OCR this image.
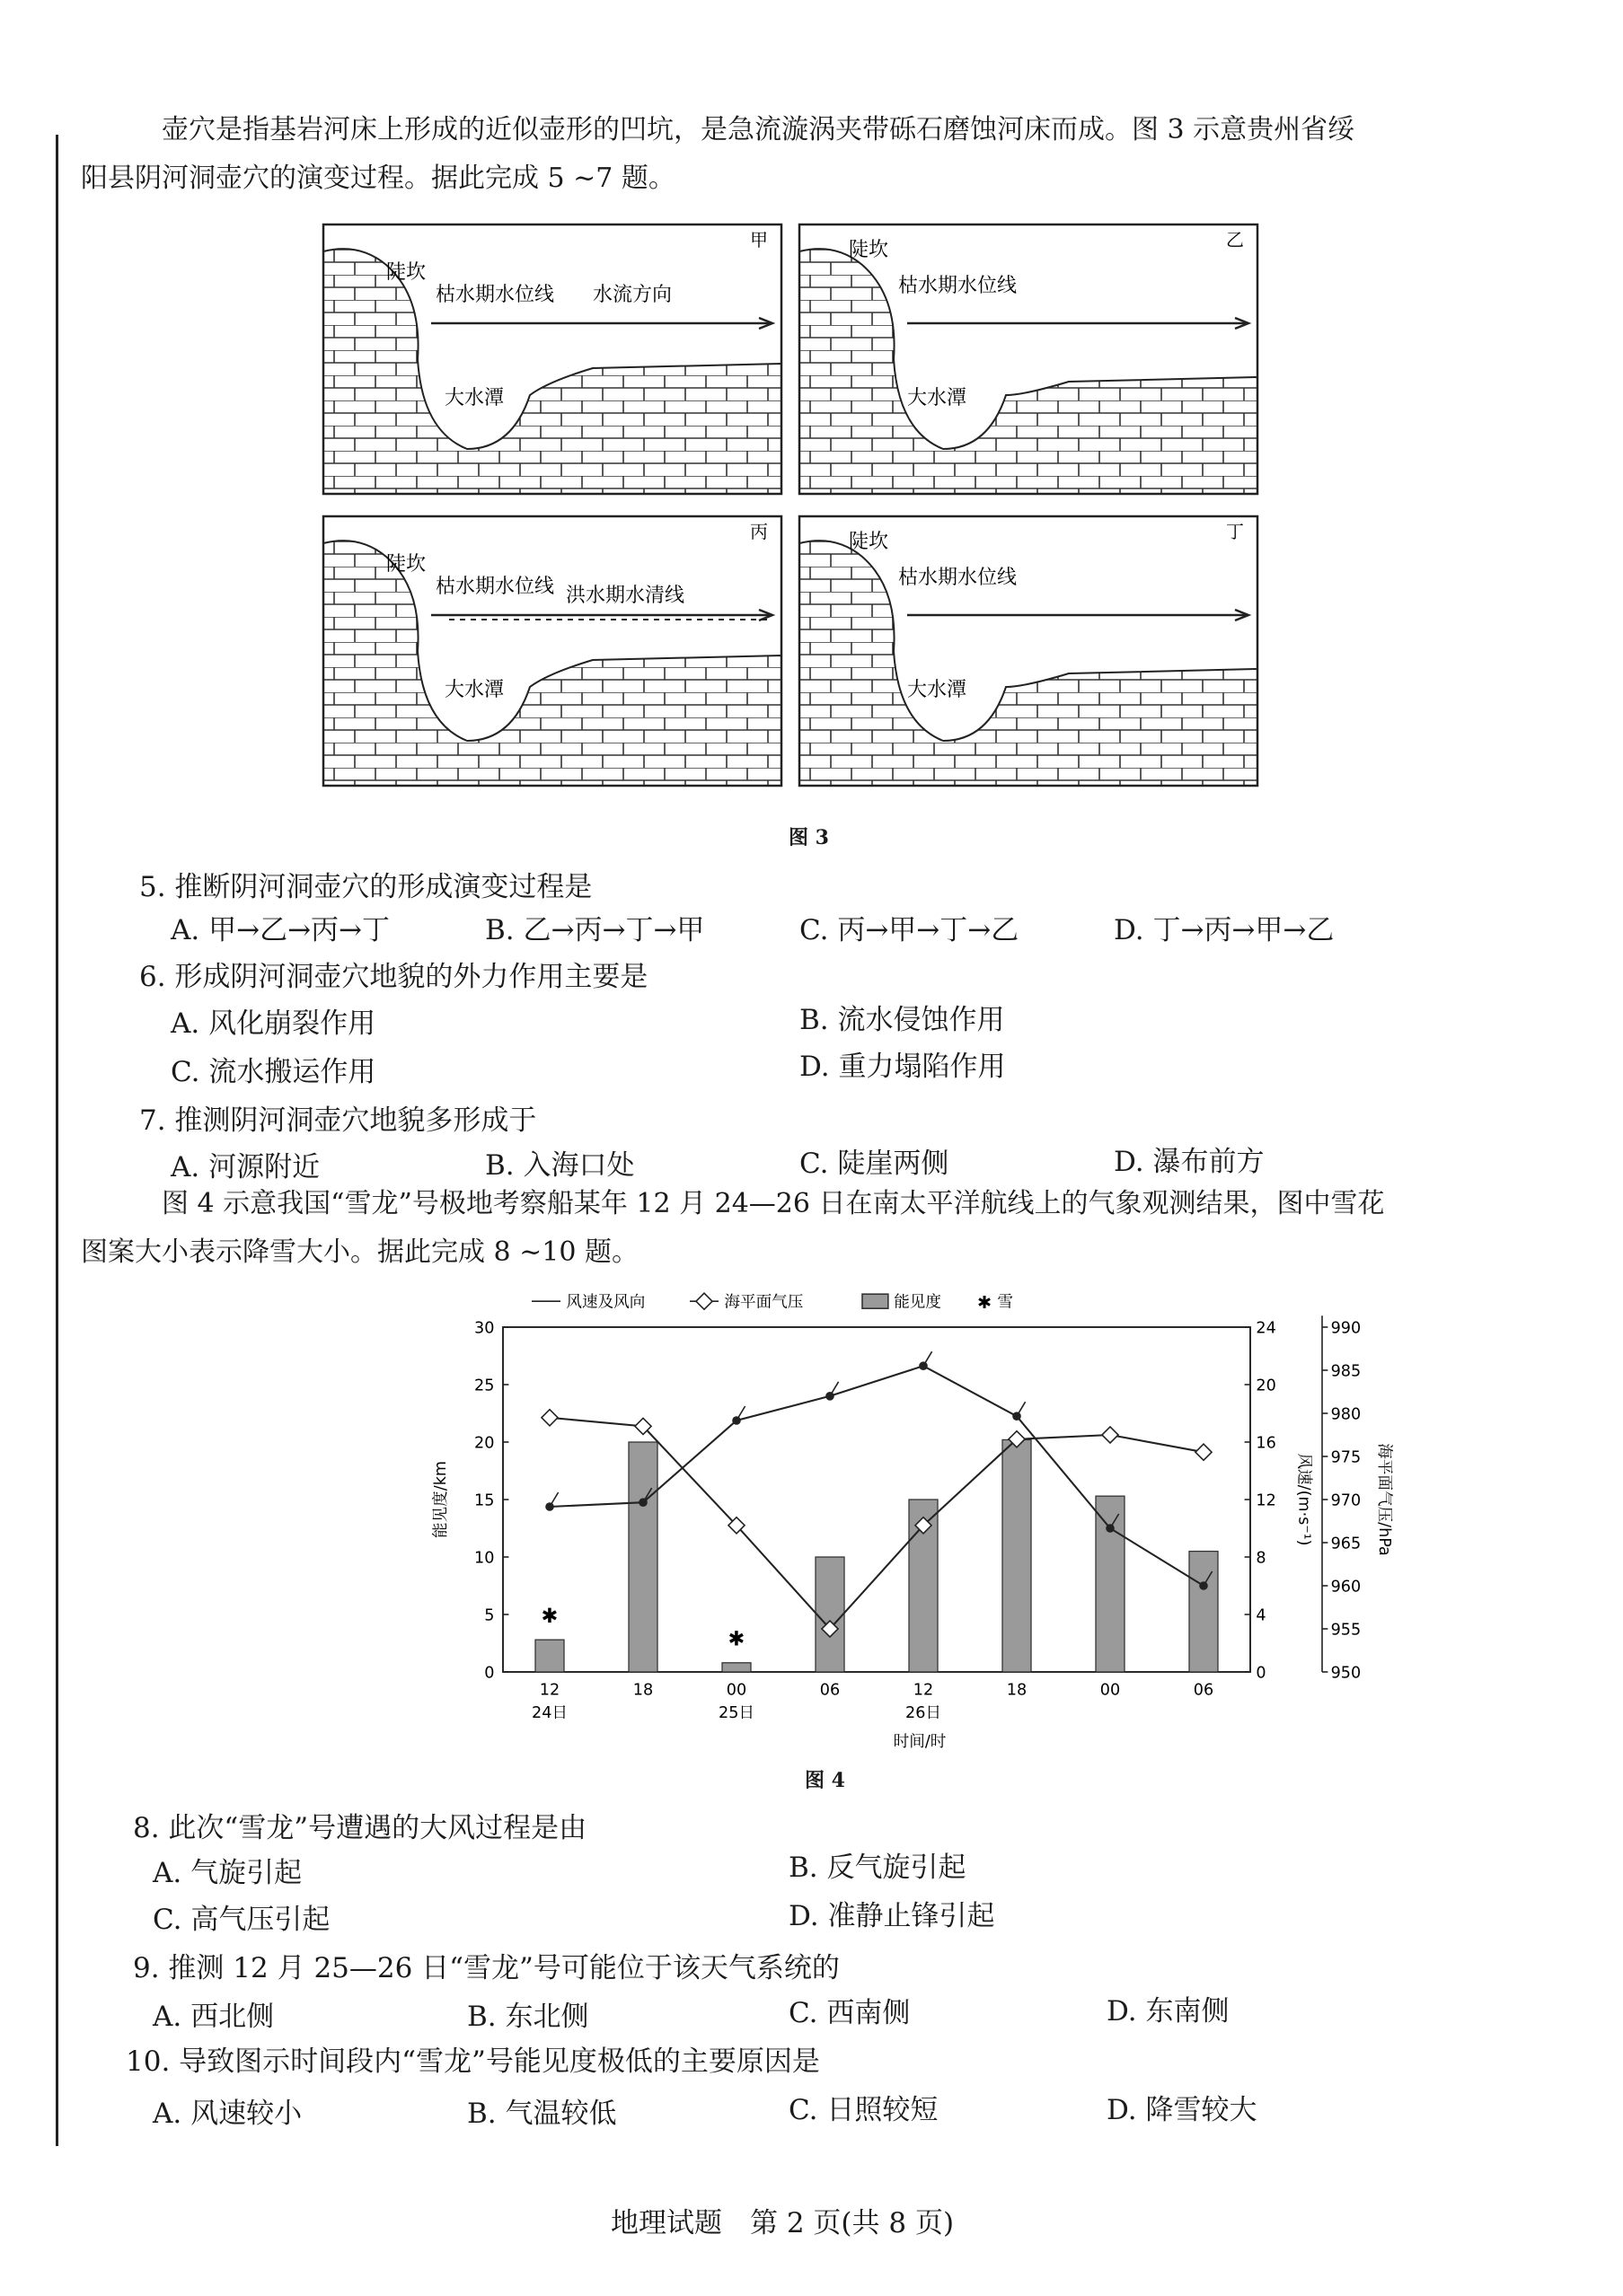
壶穴是指基岩河床上形成的近似壶形的凹坑，是急流漩涡夹带砾石磨蚀河床而成。图 3 示意贵州省绥
阳县阴河洞壶穴的演变过程。据此完成 5 ~7 题。
甲
陡坎
枯水期水位线
大水潭
水流方向
乙
陡坎
枯水期水位线
大水潭
丙
陡坎
枯水期水位线
大水潭
洪水期水清线
丁
陡坎
枯水期水位线
大水潭
图 3
5. 推断阴河洞壶穴的形成演变过程是
A. 甲→乙→丙→丁	B. 乙→丙→丁→甲	C. 丙→甲→丁→乙	D. 丁→丙→甲→乙
6. 形成阴河洞壶穴地貌的外力作用主要是
A. 风化崩裂作用	B. 流水侵蚀作用
C. 流水搬运作用	D. 重力塌陷作用
7. 推测阴河洞壶穴地貌多形成于
A. 河源附近	B. 入海口处	C. 陡崖两侧	D. 瀑布前方
图 4 示意我国“雪龙”号极地考察船某年 12 月 24—26 日在南太平洋航线上的气象观测结果，图中雪花
图案大小表示降雪大小。据此完成 8 ~10 题。
0
5
10
15
20
25
30
0
4
8
12
16
20
24
950
955
960
965
970
975
980
985
990
能见度/km	风速/(m·s⁻¹)	海平面气压/hPa
12	18	00	06	12	18	00	06
24日	25日	26日
时间/时
✱
✱
风速及风向	海平面气压	能见度	✱ 雪
图 4
8. 此次“雪龙”号遭遇的大风过程是由
A. 气旋引起	B. 反气旋引起
C. 高气压引起	D. 准静止锋引起
9. 推测 12 月 25—26 日“雪龙”号可能位于该天气系统的
A. 西北侧	B. 东北侧	C. 西南侧	D. 东南侧
10. 导致图示时间段内“雪龙”号能见度极低的主要原因是
A. 风速较小	B. 气温较低	C. 日照较短	D. 降雪较大
地理试题　第 2 页(共 8 页)
